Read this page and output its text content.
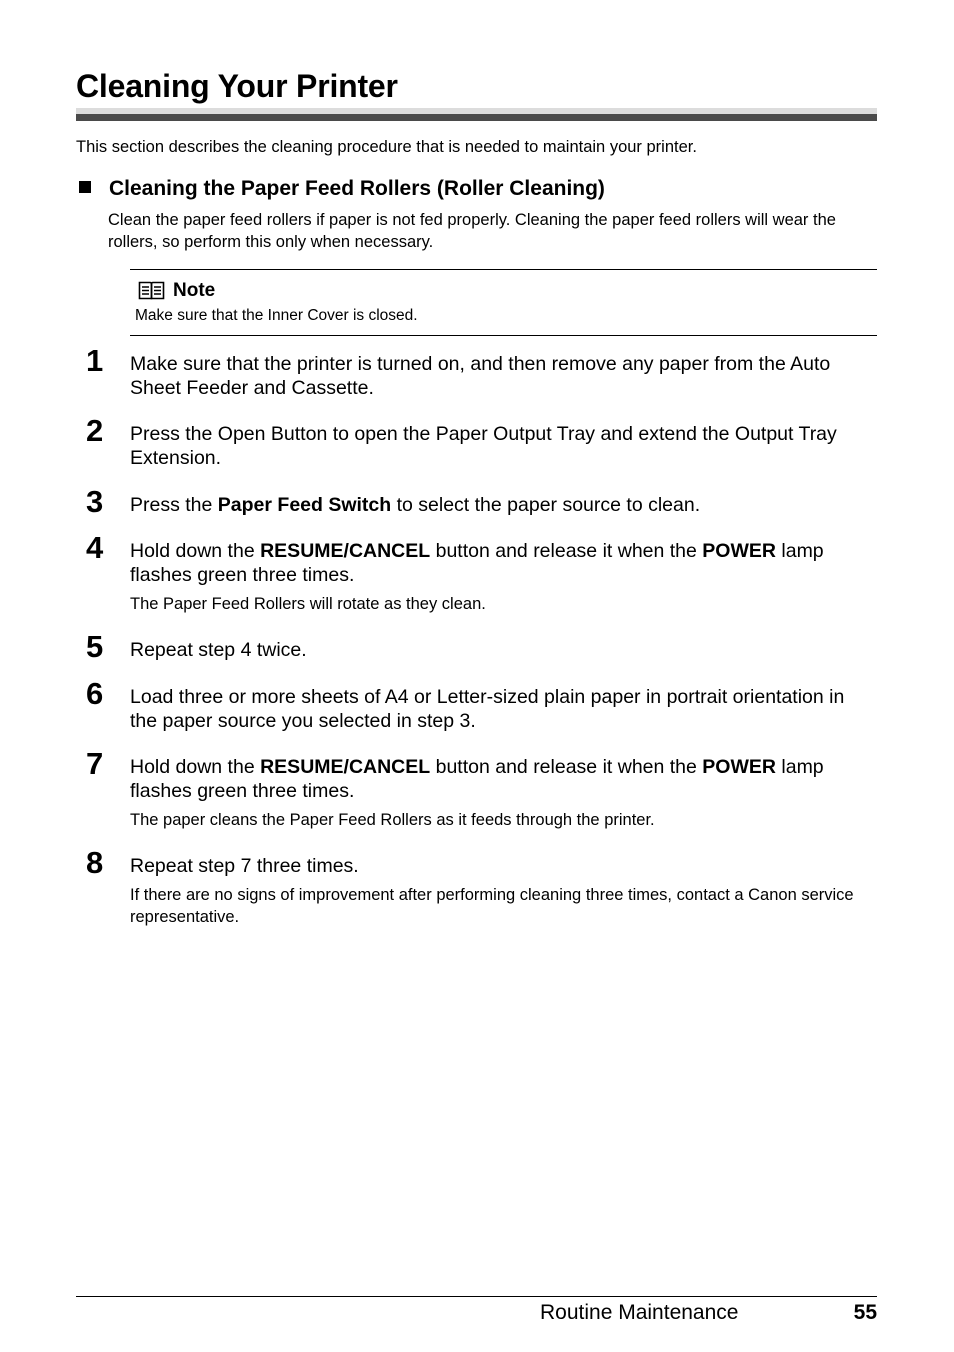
Cleaning Your Printer

This section describes the cleaning procedure that is needed to maintain your printer.

Cleaning the Paper Feed Rollers (Roller Cleaning)

Clean the paper feed rollers if paper is not fed properly. Cleaning the paper feed rollers will wear the rollers, so perform this only when necessary.

Note

Make sure that the Inner Cover is closed.

1	Make sure that the printer is turned on, and then remove any paper from the Auto Sheet Feeder and Cassette.

2	Press the Open Button to open the Paper Output Tray and extend the Output Tray Extension.

3	Press the Paper Feed Switch to select the paper source to clean.

4	Hold down the RESUME/CANCEL button and release it when the POWER lamp flashes green three times.

The Paper Feed Rollers will rotate as they clean.

5	Repeat step 4 twice.

6	Load three or more sheets of A4 or Letter-sized plain paper in portrait orientation in the paper source you selected in step 3.

7	Hold down the RESUME/CANCEL button and release it when the POWER lamp flashes green three times.

The paper cleans the Paper Feed Rollers as it feeds through the printer.

8	Repeat step 7 three times.

If there are no signs of improvement after performing cleaning three times, contact a Canon service representative.

Routine Maintenance	55
